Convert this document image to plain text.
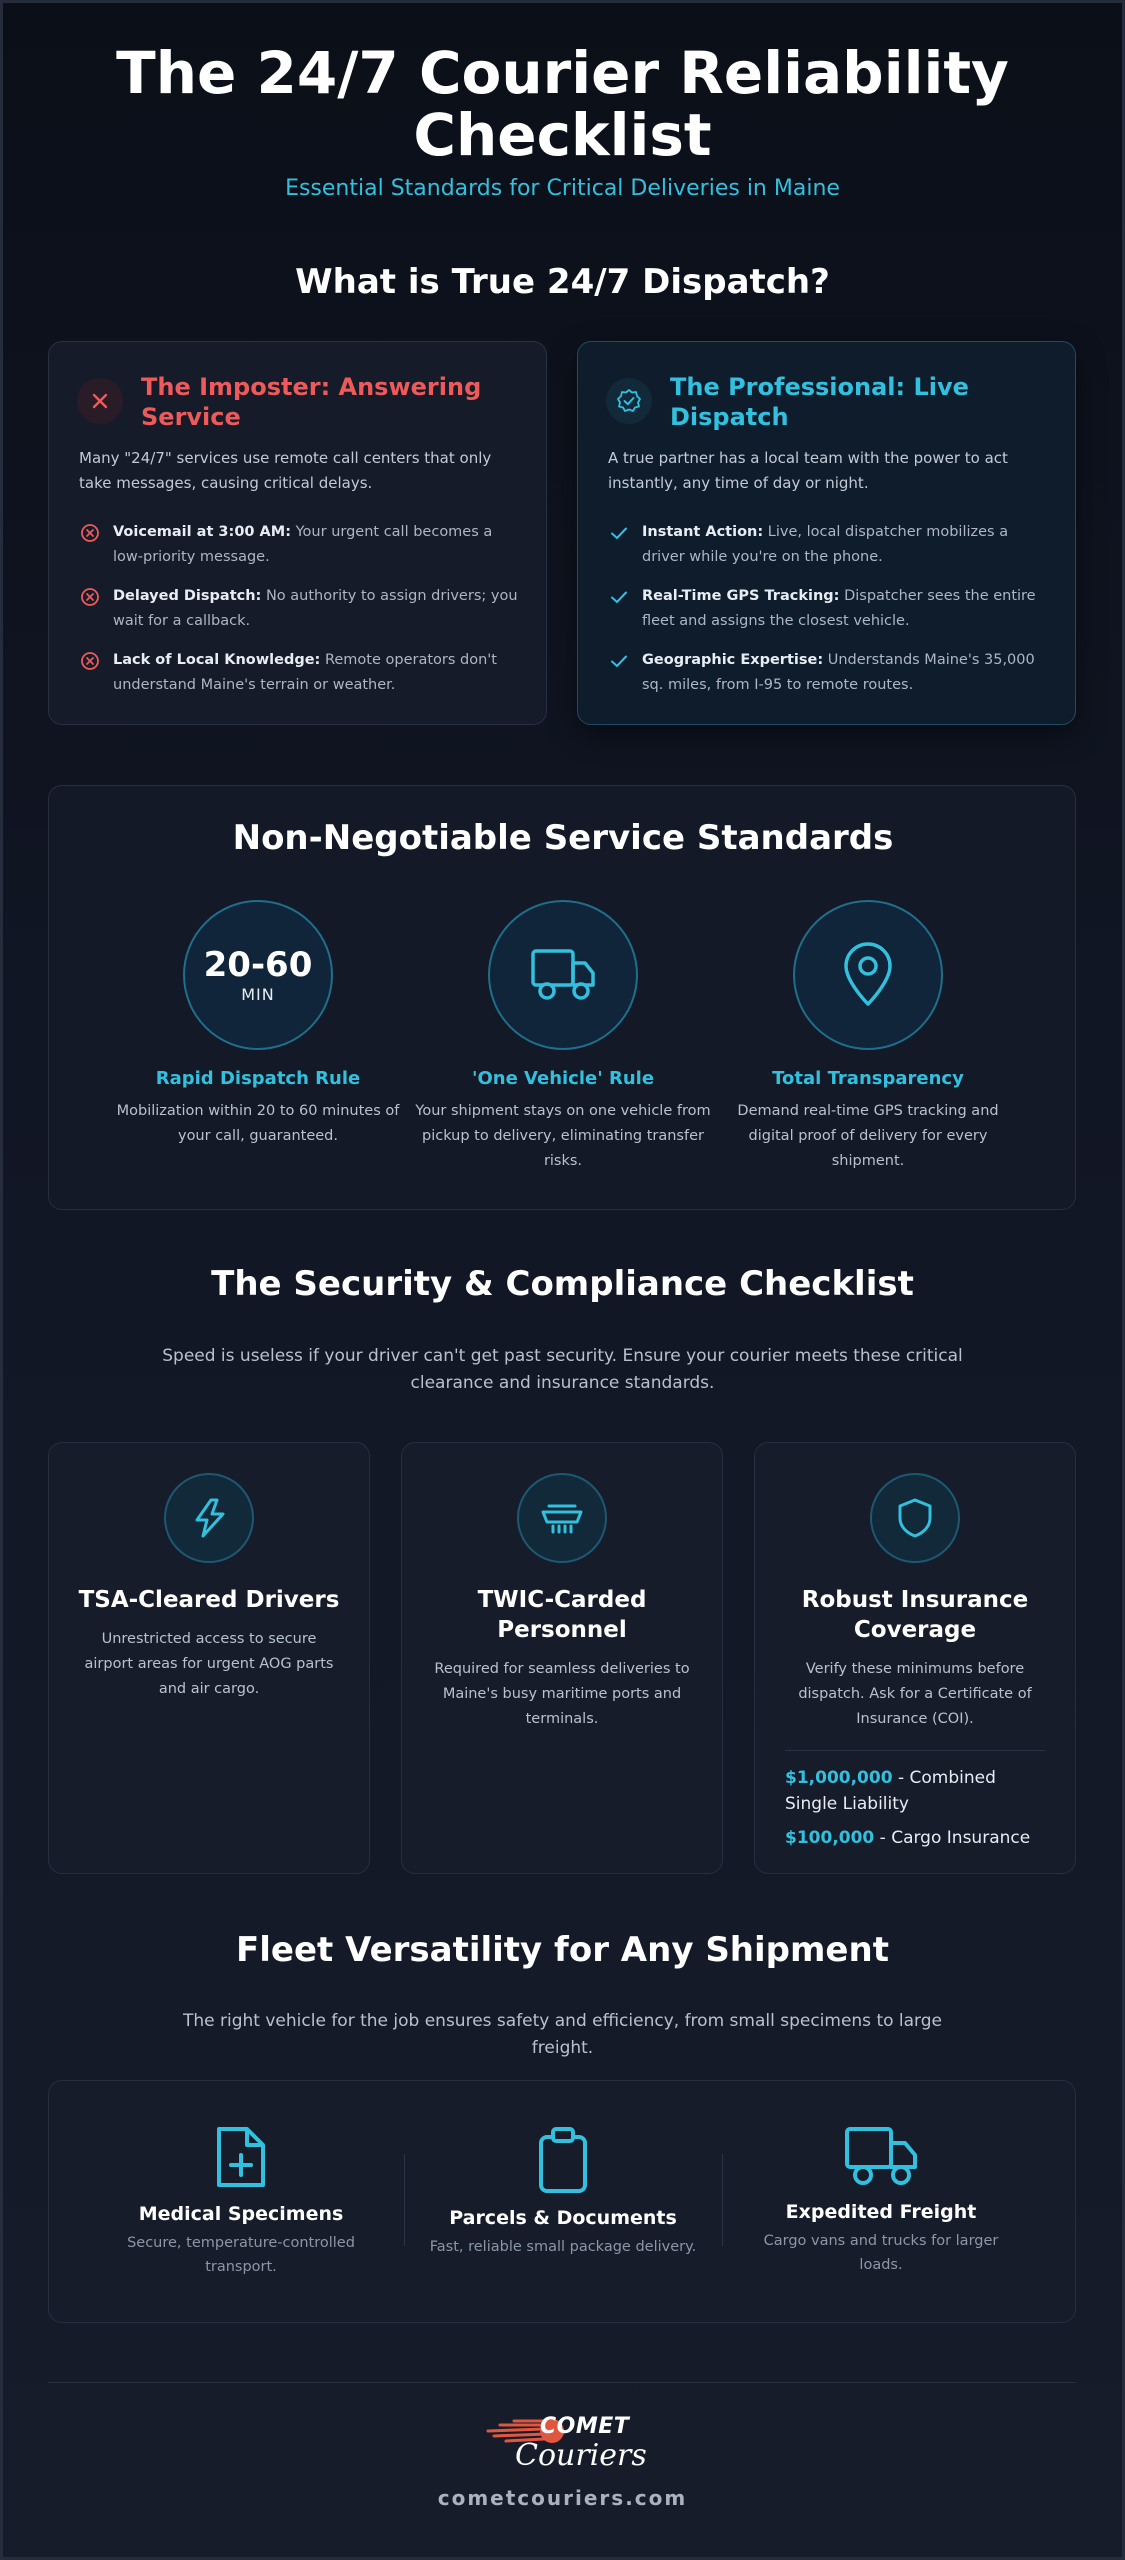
The 24/7 Courier Reliability
Checklist
Essential Standards for Critical Deliveries in Maine
What is True 24/7 Dispatch?
The Imposter: Answering Service

Many "24/7" services use remote call centers that only take messages, causing critical delays.

Voicemail at 3:00 AM: Your urgent call becomes a low-priority message.
Delayed Dispatch: No authority to assign drivers; you wait for a callback.
Lack of Local Knowledge: Remote operators don't understand Maine's terrain or weather.
The Professional: Live Dispatch

A true partner has a local team with the power to act instantly, any time of day or night.

Instant Action: Live, local dispatcher mobilizes a driver while you're on the phone.
Real-Time GPS Tracking: Dispatcher sees the entire fleet and assigns the closest vehicle.
Geographic Expertise: Understands Maine's 35,000 sq. miles, from I-95 to remote routes.
Non-Negotiable Service Standards
20-60
MIN
Rapid Dispatch Rule
Mobilization within 20 to 60 minutes of your call, guaranteed.
'One Vehicle' Rule
Your shipment stays on one vehicle from pickup to delivery, eliminating transfer risks.
Total Transparency
Demand real-time GPS tracking and digital proof of delivery for every shipment.
The Security & Compliance Checklist

Speed is useless if your driver can't get past security. Ensure your courier meets these critical clearance and insurance standards.

TSA-Cleared Drivers
Unrestricted access to secure airport areas for urgent AOG parts and air cargo.
TWIC-Carded Personnel
Required for seamless deliveries to Maine's busy maritime ports and terminals.
Robust Insurance Coverage
Verify these minimums before dispatch. Ask for a Certificate of Insurance (COI).
$1,000,000 - Combined Single Liability
$100,000 - Cargo Insurance
Fleet Versatility for Any Shipment

The right vehicle for the job ensures safety and efficiency, from small specimens to large freight.

Medical Specimens
Secure, temperature-controlled transport.
Parcels & Documents
Fast, reliable small package delivery.
Expedited Freight
Cargo vans and trucks for larger loads.
COMET
Couriers
cometcouriers.com
